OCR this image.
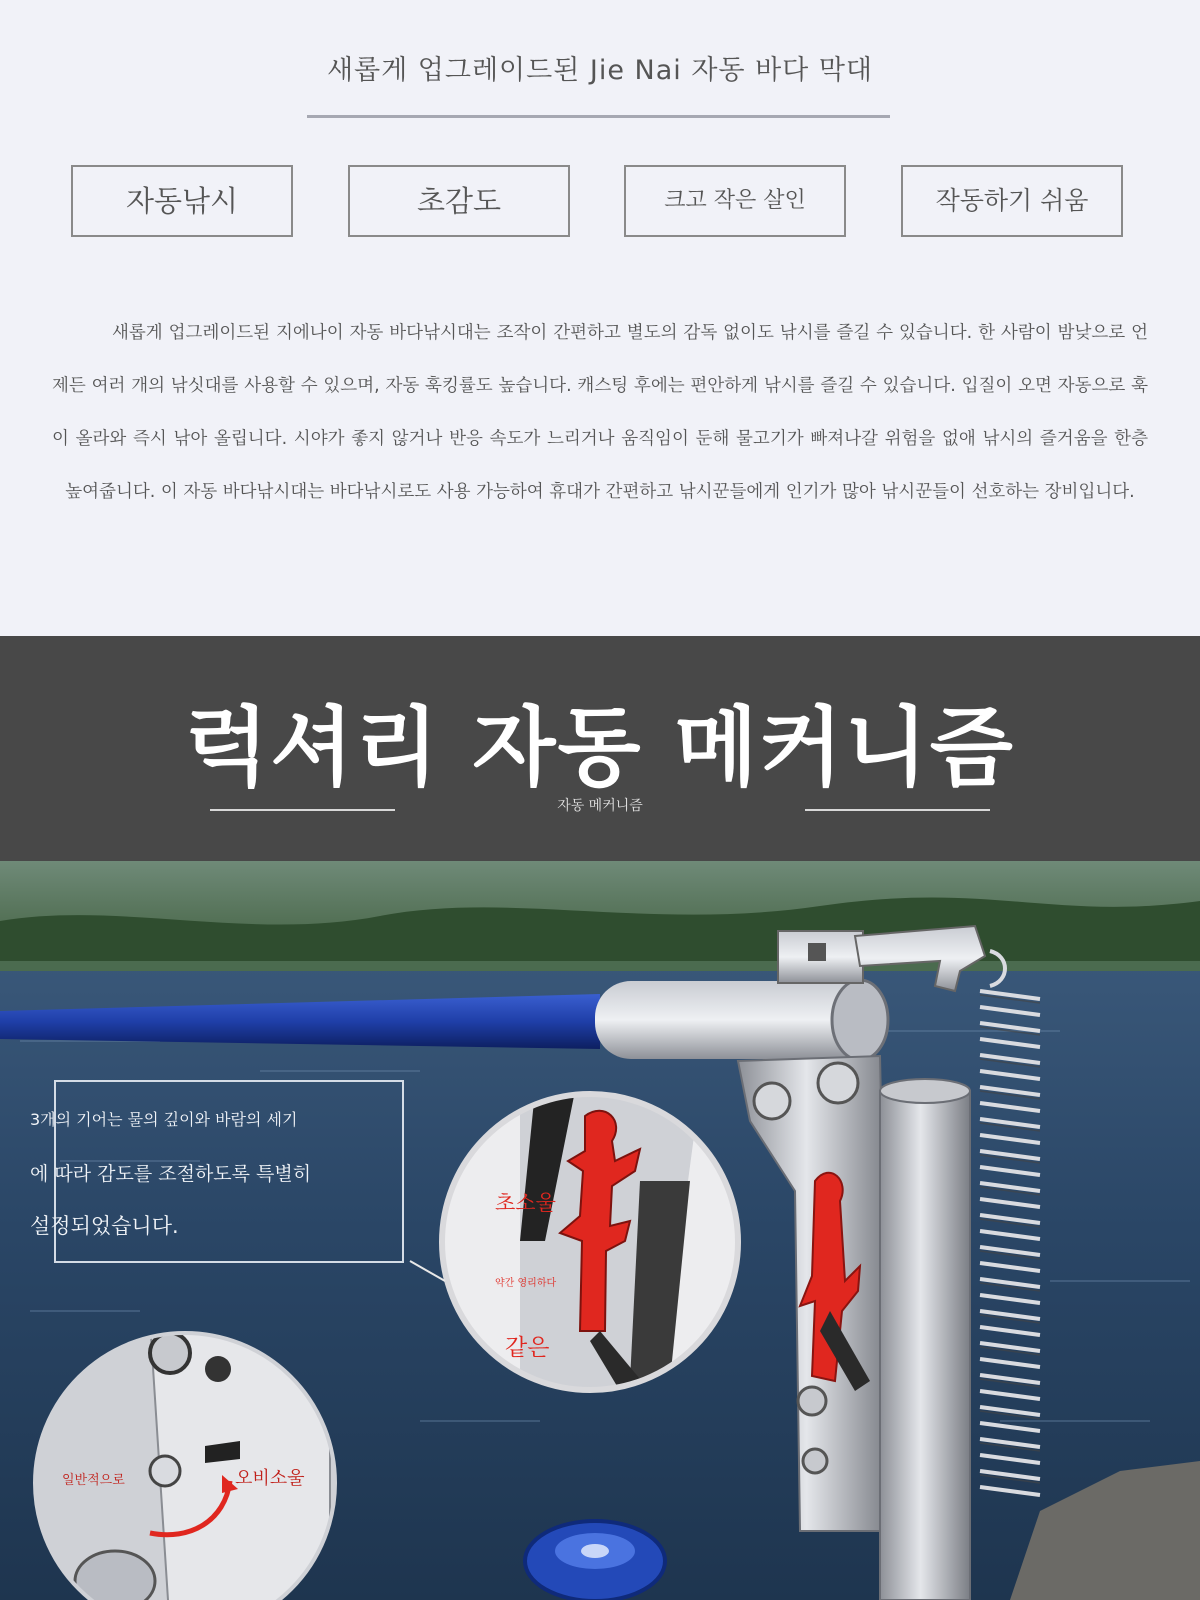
새롭게 업그레이드된 Jie Nai 자동 바다 막대
자동낚시	초감도	크고 작은 살인	작동하기 쉬움
새롭게 업그레이드된 지에나이 자동 바다낚시대는 조작이 간편하고 별도의 감독 없이도 낚시를 즐길 수 있습니다. 한 사람이 밤낮으로 언제든 여러 개의 낚싯대를 사용할 수 있으며, 자동 훅킹률도 높습니다. 캐스팅 후에는 편안하게 낚시를 즐길 수 있습니다. 입질이 오면 자동으로 훅이 올라와 즉시 낚아 올립니다. 시야가 좋지 않거나 반응 속도가 느리거나 움직임이 둔해 물고기가 빠져나갈 위험을 없애 낚시의 즐거움을 한층 높여줍니다. 이 자동 바다낚시대는 바다낚시로도 사용 가능하여 휴대가 간편하고 낚시꾼들에게 인기가 많아 낚시꾼들이 선호하는 장비입니다.
럭셔리 자동 메커니즘
자동 메커니즘
3개의 기어는 물의 깊이와 바람의 세기
에 따라 감도를 조절하도록 특별히
설정되었습니다.
초소울
약간 영리하다
같은
일반적으로	오비소울
